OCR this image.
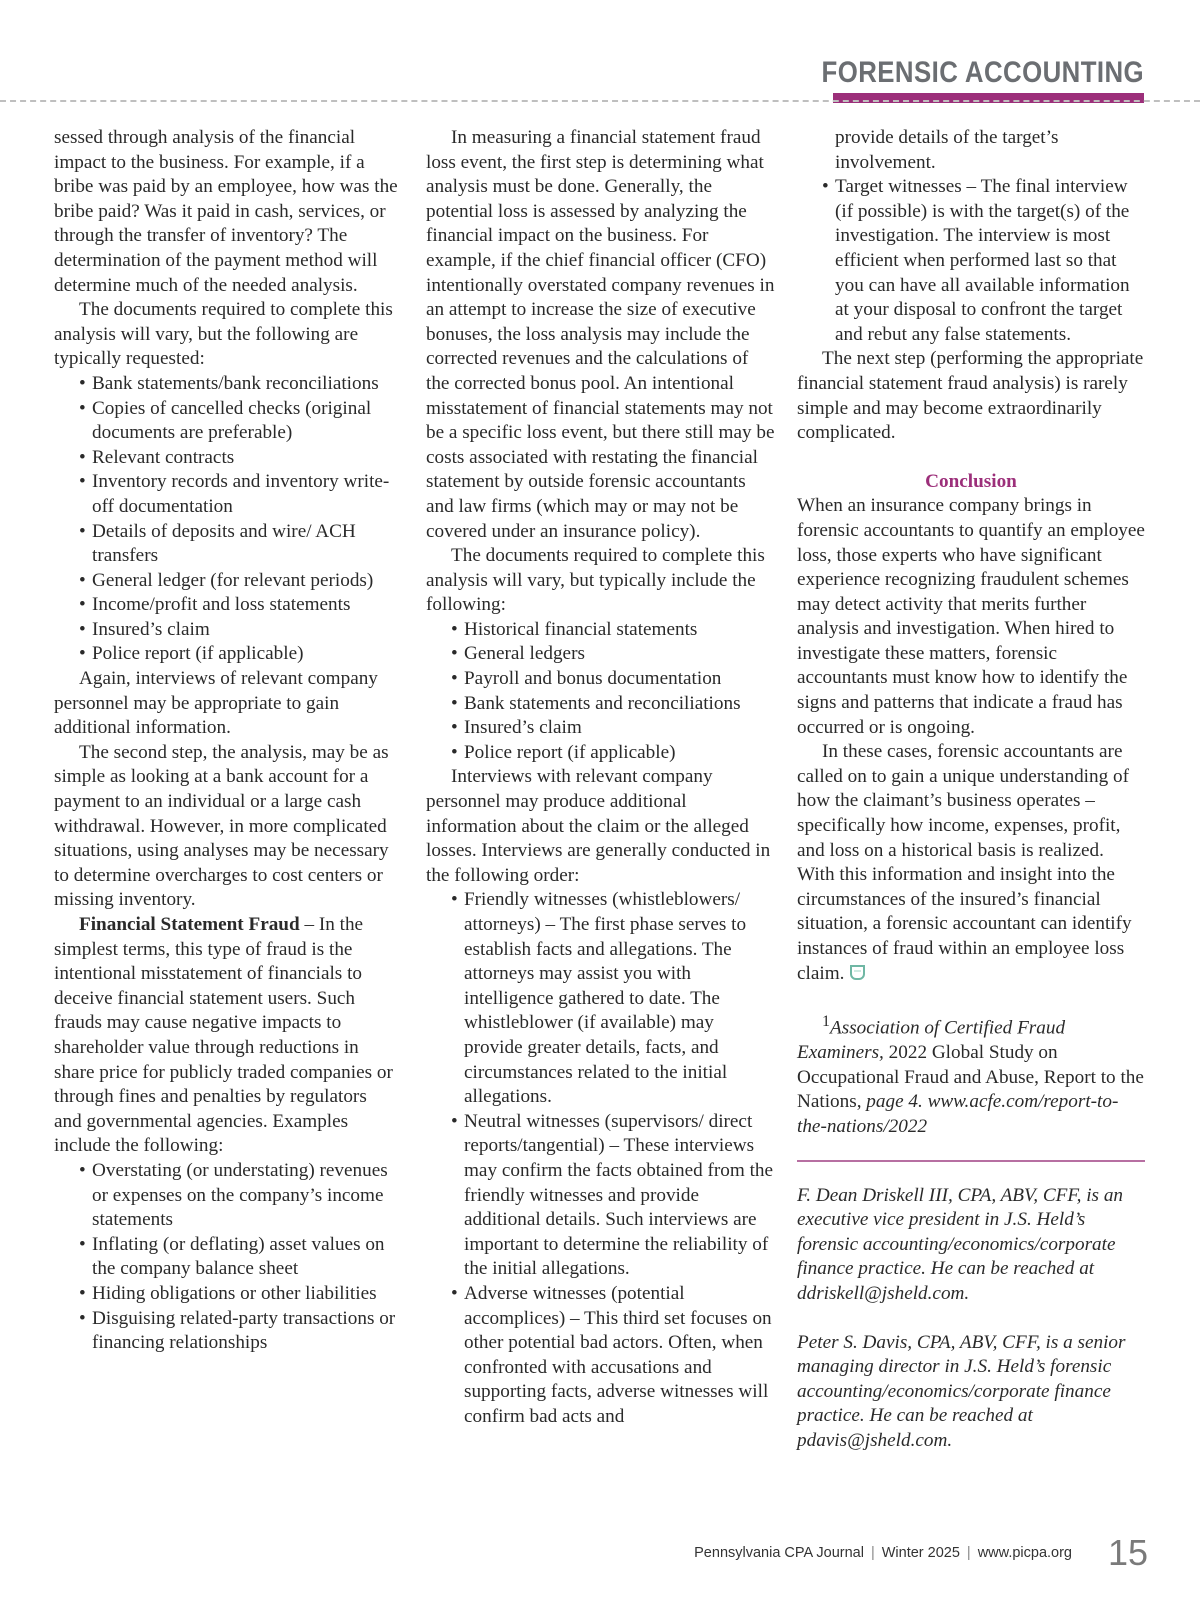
FORENSIC ACCOUNTING

sessed through analysis of the financial impact to the business. For example, if a bribe was paid by an employee, how was the bribe paid? Was it paid in cash, services, or through the transfer of inventory? The determination of the payment method will determine much of the needed analysis.

The documents required to complete this analysis will vary, but the following are typically requested:

• Bank statements/bank reconciliations
• Copies of cancelled checks (original documents are preferable)
• Relevant contracts
• Inventory records and inventory write-off documentation
• Details of deposits and wire/ ACH transfers
• General ledger (for relevant periods)
• Income/profit and loss statements
• Insured’s claim
• Police report (if applicable)

Again, interviews of relevant company personnel may be appropriate to gain additional information.

The second step, the analysis, may be as simple as looking at a bank account for a payment to an individual or a large cash withdrawal. However, in more complicated situations, using analyses may be necessary to determine overcharges to cost centers or missing inventory.

Financial Statement Fraud – In the simplest terms, this type of fraud is the intentional misstatement of financials to deceive financial statement users. Such frauds may cause negative impacts to shareholder value through reductions in share price for publicly traded companies or through fines and penalties by regulators and governmental agencies. Examples include the following:

• Overstating (or understating) revenues or expenses on the company’s income statements
• Inflating (or deflating) asset values on the company balance sheet
• Hiding obligations or other liabilities
• Disguising related-party transactions or financing relationships

In measuring a financial statement fraud loss event, the first step is determining what analysis must be done. Generally, the potential loss is assessed by analyzing the financial impact on the business. For example, if the chief financial officer (CFO) intentionally overstated company revenues in an attempt to increase the size of executive bonuses, the loss analysis may include the corrected revenues and the calculations of the corrected bonus pool. An intentional misstatement of financial statements may not be a specific loss event, but there still may be costs associated with restating the financial statement by outside forensic accountants and law firms (which may or may not be covered under an insurance policy).

The documents required to complete this analysis will vary, but typically include the following:

• Historical financial statements
• General ledgers
• Payroll and bonus documentation
• Bank statements and reconciliations
• Insured’s claim
• Police report (if applicable)

Interviews with relevant company personnel may produce additional information about the claim or the alleged losses. Interviews are generally conducted in the following order:

• Friendly witnesses (whistleblowers/ attorneys) – The first phase serves to establish facts and allegations. The attorneys may assist you with intelligence gathered to date. The whistleblower (if available) may provide greater details, facts, and circumstances related to the initial allegations.
• Neutral witnesses (supervisors/ direct reports/tangential) – These interviews may confirm the facts obtained from the friendly witnesses and provide additional details. Such interviews are important to determine the reliability of the initial allegations.
• Adverse witnesses (potential accomplices) – This third set focuses on other potential bad actors. Often, when confronted with accusations and supporting facts, adverse witnesses will confirm bad acts and

provide details of the target’s involvement.

• Target witnesses – The final interview (if possible) is with the target(s) of the investigation. The interview is most efficient when performed last so that you can have all available information at your disposal to confront the target and rebut any false statements.

The next step (performing the appropriate financial statement fraud analysis) is rarely simple and may become extraordinarily complicated.

Conclusion

When an insurance company brings in forensic accountants to quantify an employee loss, those experts who have significant experience recognizing fraudulent schemes may detect activity that merits further analysis and investigation. When hired to investigate these matters, forensic accountants must know how to identify the signs and patterns that indicate a fraud has occurred or is ongoing.

In these cases, forensic accountants are called on to gain a unique understanding of how the claimant’s business operates – specifically how income, expenses, profit, and loss on a historical basis is realized. With this information and insight into the circumstances of the insured’s financial situation, a forensic accountant can identify instances of fraud within an employee loss claim.

$^1$Association of Certified Fraud Examiners, 2022 Global Study on Occupational Fraud and Abuse, Report to the Nations, page 4. www.acfe.com/report-to-the-nations/2022

F. Dean Driskell III, CPA, ABV, CFF, is an executive vice president in J.S. Held’s forensic accounting/economics/corporate finance practice. He can be reached at ddriskell@jsheld.com.

Peter S. Davis, CPA, ABV, CFF, is a senior managing director in J.S. Held’s forensic accounting/economics/corporate finance practice. He can be reached at pdavis@jsheld.com.

Pennsylvania CPA Journal | Winter 2025 | www.picpa.org 15
